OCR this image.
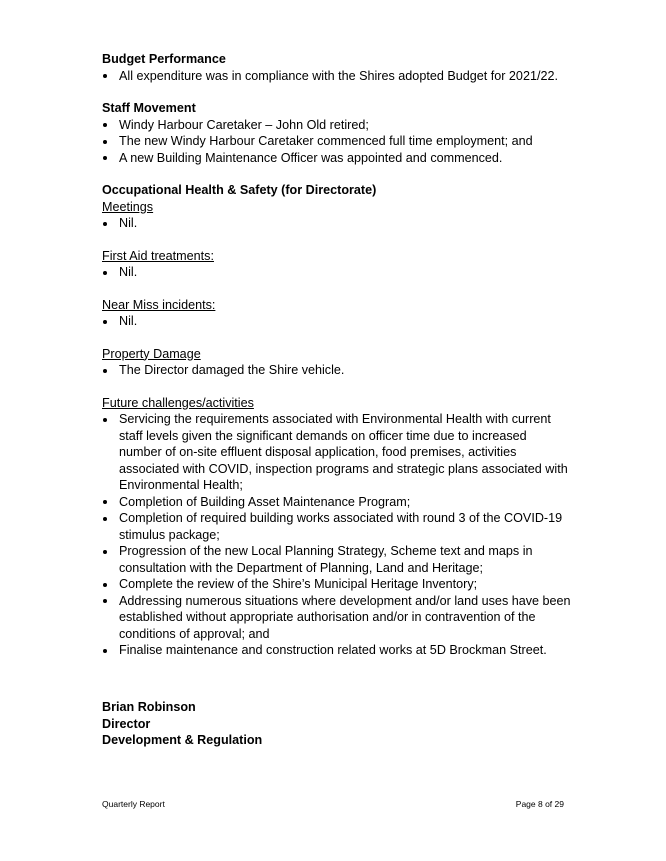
Budget Performance

All expenditure was in compliance with the Shires adopted Budget for 2021/22.

Staff Movement

Windy Harbour Caretaker – John Old retired;
The new Windy Harbour Caretaker commenced full time employment; and
A new Building Maintenance Officer was appointed and commenced.

Occupational Health & Safety (for Directorate)

Meetings

Nil.

First Aid treatments:

Nil.

Near Miss incidents:

Nil.

Property Damage

The Director damaged the Shire vehicle.

Future challenges/activities

Servicing the requirements associated with Environmental Health with current staff levels given the significant demands on officer time due to increased number of on-site effluent disposal application, food premises, activities associated with COVID, inspection programs and strategic plans associated with Environmental Health;
Completion of Building Asset Maintenance Program;
Completion of required building works associated with round 3 of the COVID-19 stimulus package;
Progression of the new Local Planning Strategy, Scheme text and maps in consultation with the Department of Planning, Land and Heritage;
Complete the review of the Shire’s Municipal Heritage Inventory;
Addressing numerous situations where development and/or land uses have been established without appropriate authorisation and/or in contravention of the conditions of approval; and
Finalise maintenance and construction related works at 5D Brockman Street.
Brian Robinson
Director
Development & Regulation
Quarterly Report	Page 8 of 29
